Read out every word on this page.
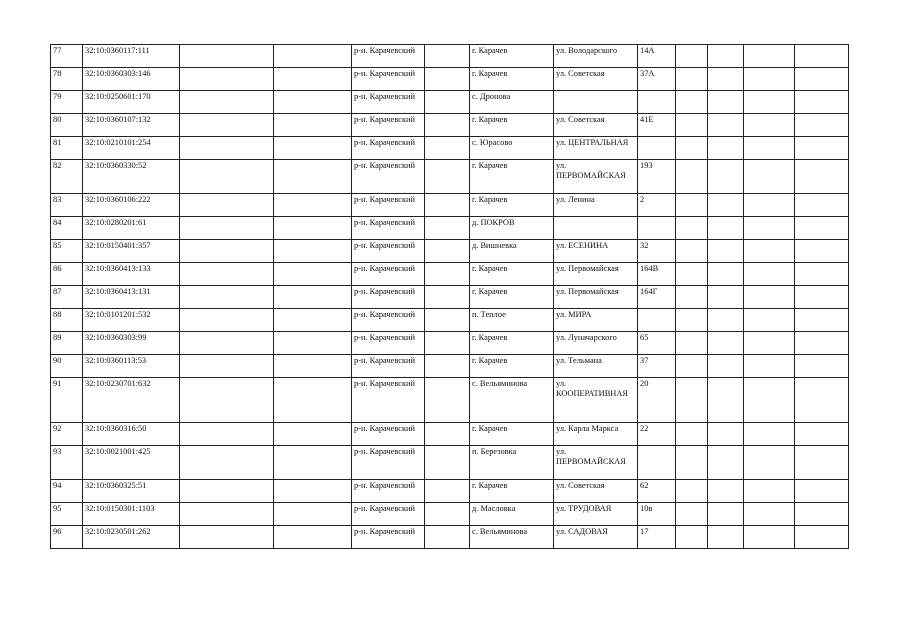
77	32:10:0360117:111			р-н. Карачевский		г. Карачев	ул. Володарского	14А				
78	32:10:0360303:146			р-н. Карачевский		г. Карачев	ул. Советская	37А				
79	32:10:0250601:170			р-н. Карачевский		с. Дронова						
80	32:10:0360107:132			р-н. Карачевский		г. Карачев	ул. Советская	41Е				
81	32:10:0210101:254			р-н. Карачевский		с. Юрасово	ул. ЦЕНТРАЛЬНАЯ					
82	32:10:0360330:52			р-н. Карачевский		г. Карачев	ул. ПЕРВОМАЙСКАЯ	193				
83	32:10:0360106:222			р-н. Карачевский		г. Карачев	ул. Ленина	2				
84	32:10:0280201:61			р-н. Карачевский		д. ПОКРОВ						
85	32:10:0150401:357			р-н. Карачевский		д. Вишневка	ул. ЕСЕНИНА	32				
86	32:10:0360413:133			р-н. Карачевский		г. Карачев	ул. Первомайская	164В				
87	32:10:0360413:131			р-н. Карачевский		г. Карачев	ул. Первомайская	164Г				
88	32:10:0101201:532			р-н. Карачевский		п. Теплое	ул. МИРА					
89	32:10:0360303:99			р-н. Карачевский		г. Карачев	ул. Луначарского	65				
90	32:10:0360113:53			р-н. Карачевский		г. Карачев	ул. Тельмана	37				
91	32:10:0230701:632			р-н. Карачевский		с. Вельяминова	ул. КООПЕРАТИВНАЯ	20				
92	32:10:0360316:50			р-н. Карачевский		г. Карачев	ул. Карла Маркса	22				
93	32:10:0021001:425			р-н. Карачевский		п. Березовка	ул. ПЕРВОМАЙСКАЯ					
94	32:10:0360325:51			р-н. Карачевский		г. Карачев	ул. Советская	62				
95	32:10:0150301:1103			р-н. Карачевский		д. Масловка	ул. ТРУДОВАЯ	10в				
96	32:10:0230501:262			р-н. Карачевский		с. Вельяминова	ул. САДОВАЯ	17				
